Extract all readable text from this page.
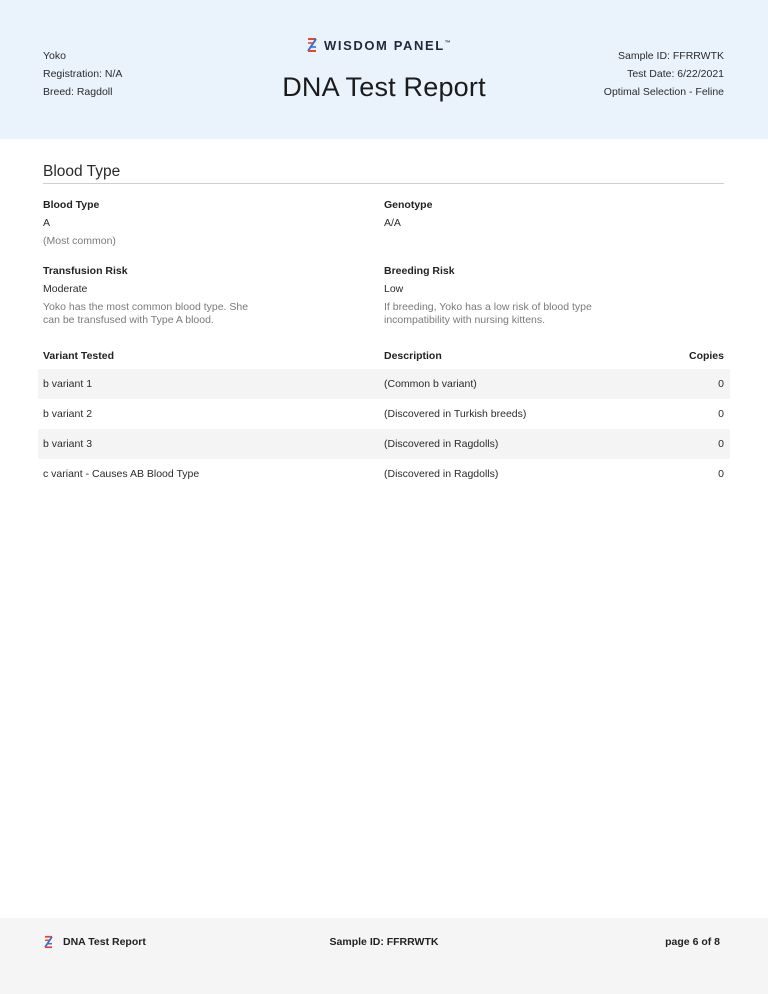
Yoko
Registration: N/A
Breed: Ragdoll
WISDOM PANEL™
DNA Test Report
Sample ID: FFRRWTK
Test Date: 6/22/2021
Optimal Selection - Feline
Blood Type
Blood Type
A
(Most common)
Genotype
A/A
Transfusion Risk
Moderate
Yoko has the most common blood type. She
can be transfused with Type A blood.
Breeding Risk
Low
If breeding, Yoko has a low risk of blood type
incompatibility with nursing kittens.
Variant Tested	Description	Copies
b variant 1	(Common b variant)	0
b variant 2	(Discovered in Turkish breeds)	0
b variant 3	(Discovered in Ragdolls)	0
c variant - Causes AB Blood Type	(Discovered in Ragdolls)	0
DNA Test Report	Sample ID: FFRRWTK	page 6 of 8
